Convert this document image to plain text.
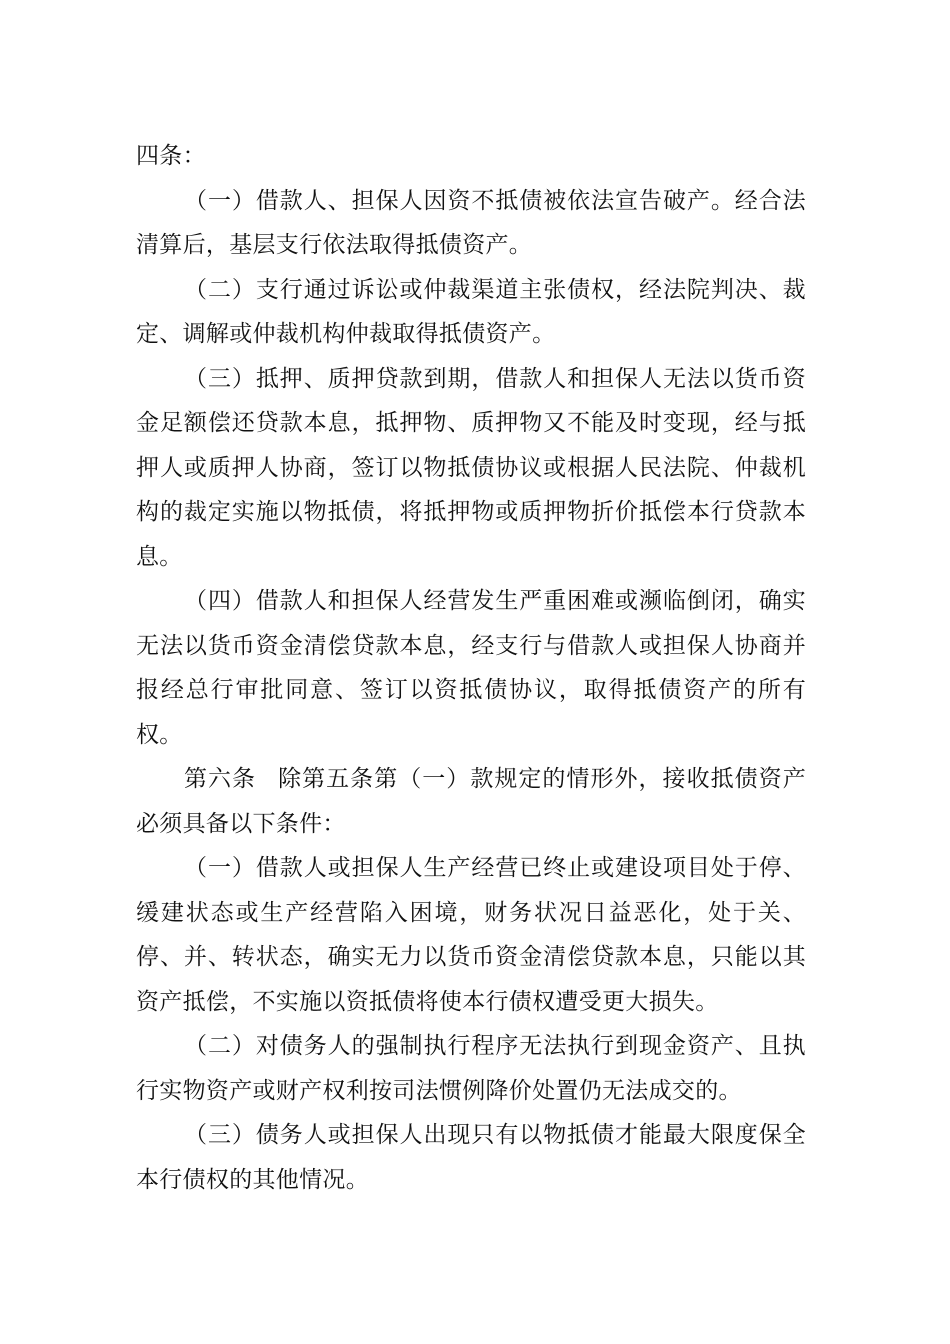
四条：

（一）借款人、担保人因资不抵债被依法宣告破产。经合法清算后，基层支行依法取得抵债资产。

（二）支行通过诉讼或仲裁渠道主张债权，经法院判决、裁定、调解或仲裁机构仲裁取得抵债资产。

（三）抵押、质押贷款到期，借款人和担保人无法以货币资金足额偿还贷款本息，抵押物、质押物又不能及时变现，经与抵押人或质押人协商，签订以物抵债协议或根据人民法院、仲裁机构的裁定实施以物抵债，将抵押物或质押物折价抵偿本行贷款本息。

（四）借款人和担保人经营发生严重困难或濒临倒闭，确实无法以货币资金清偿贷款本息，经支行与借款人或担保人协商并报经总行审批同意、签订以资抵债协议，取得抵债资产的所有权。

第六条 除第五条第（一）款规定的情形外，接收抵债资产必须具备以下条件：

（一）借款人或担保人生产经营已终止或建设项目处于停、缓建状态或生产经营陷入困境，财务状况日益恶化，处于关、停、并、转状态，确实无力以货币资金清偿贷款本息，只能以其资产抵偿，不实施以资抵债将使本行债权遭受更大损失。

（二）对债务人的强制执行程序无法执行到现金资产、且执行实物资产或财产权利按司法惯例降价处置仍无法成交的。

（三）债务人或担保人出现只有以物抵债才能最大限度保全本行债权的其他情况。
